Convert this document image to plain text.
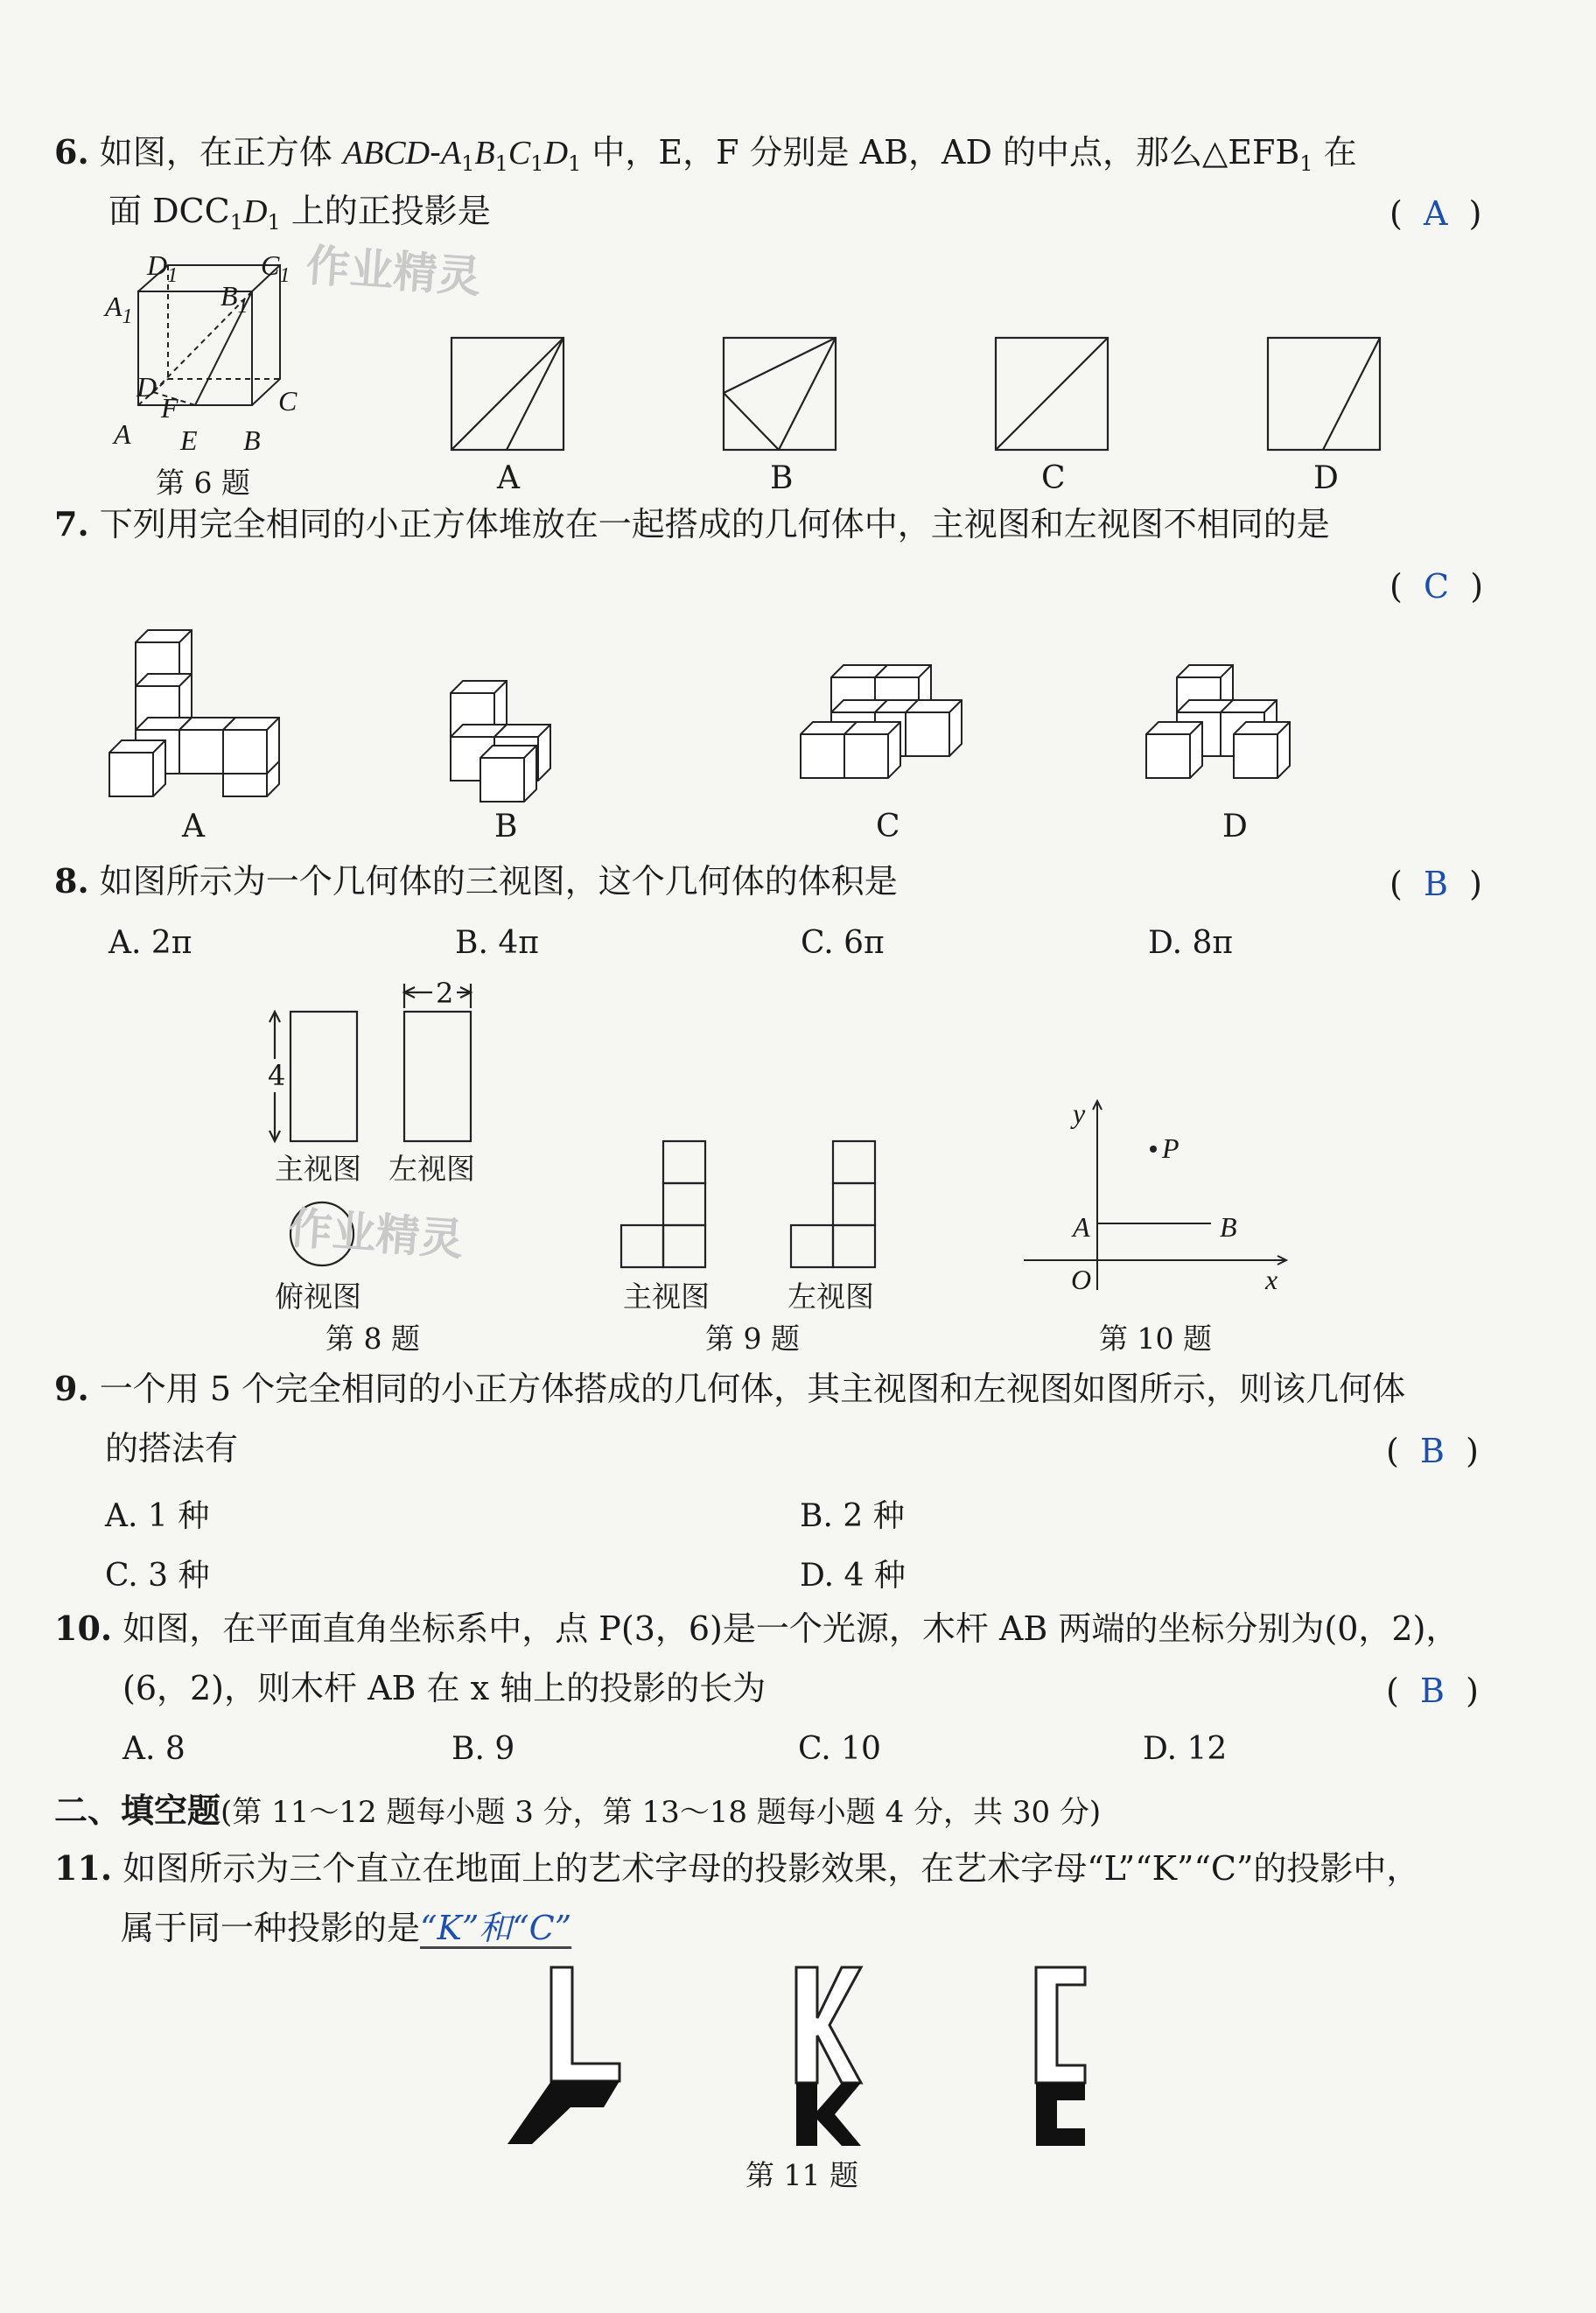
6. 如图，在正方体 ABCD-$A_1B_1C_1D_1$ 中，E，F 分别是 AB，AD 的中点，那么$\triangle EFB_1$ 在
面 $DCC_1D_1$ 上的正投影是	(  A  )
作业精灵
$D_1$	$C_1$
$A_1$
$B_1$
D
F	C
A E B
第 6 题	A	B	C	D
7. 下列用完全相同的小正方体堆放在一起搭成的几何体中，主视图和左视图不相同的是
(  C  )
A	B	C	D
8. 如图所示为一个几何体的三视图，这个几何体的体积是	(  B  )
A. 2π	B. 4π	C. 6π	D. 8π
2
4
主视图 左视图
作业精灵
俯视图
第 8 题
主视图	左视图
第 9 题
y
P
A	B
O	x
第 10 题
9. 一个用 5 个完全相同的小正方体搭成的几何体，其主视图和左视图如图所示，则该几何体
的搭法有	(  B  )
A. 1 种	B. 2 种
C. 3 种	D. 4 种
10. 如图，在平面直角坐标系中，点 P(3，6)是一个光源，木杆 AB 两端的坐标分别为(0，2)，
(6，2)，则木杆 AB 在 x 轴上的投影的长为	(  B  )
A. 8	B. 9	C. 10	D. 12
二、填空题(第 11～12 题每小题 3 分，第 13～18 题每小题 4 分，共 30 分)
11. 如图所示为三个直立在地面上的艺术字母的投影效果，在艺术字母“L”“K”“C”的投影中，
属于同一种投影的是“K”和“C”
第 11 题
